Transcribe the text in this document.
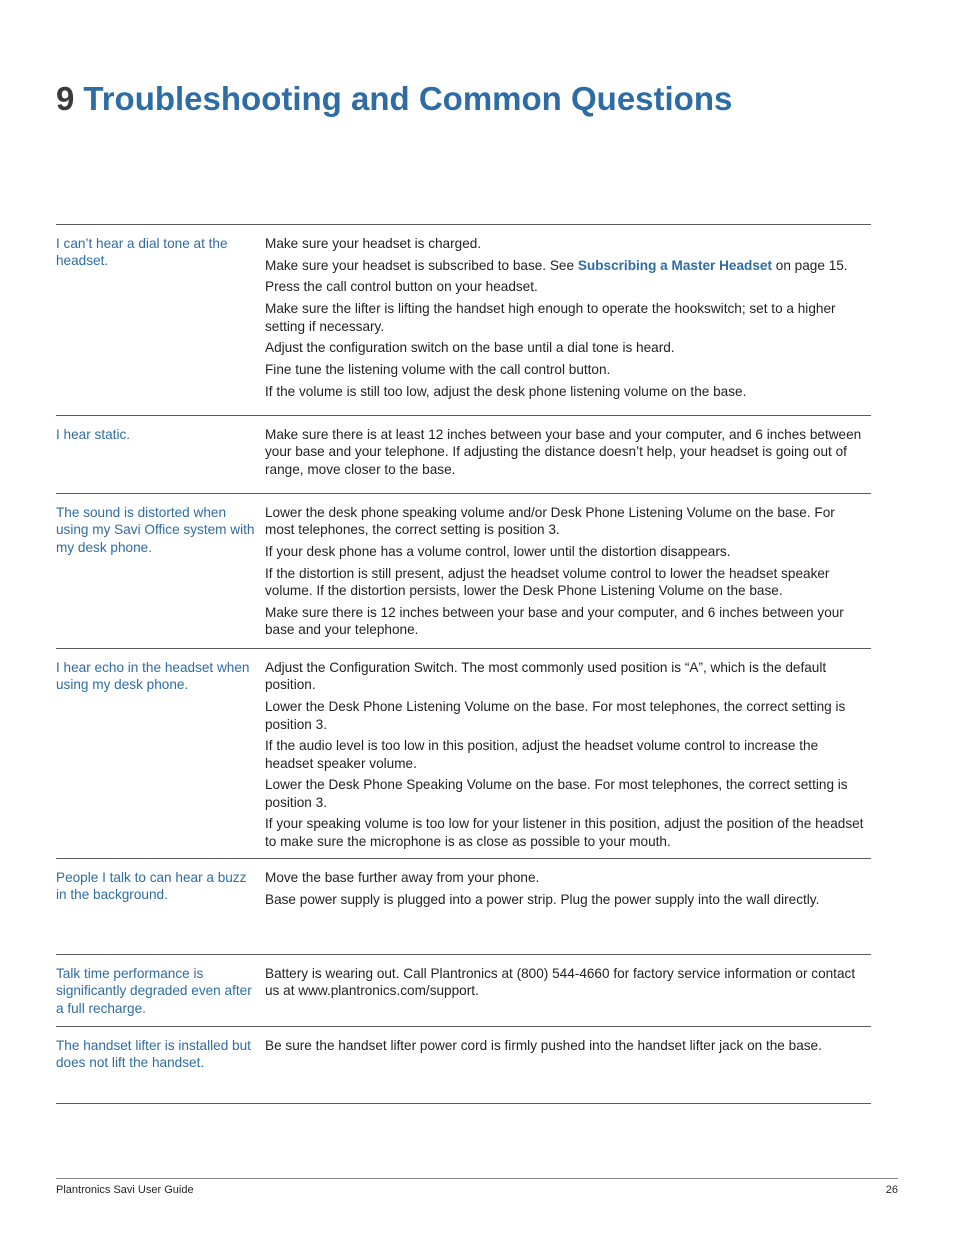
9 Troubleshooting and Common Questions
I can’t hear a dial tone at the headset.

Make sure your headset is charged.

Make sure your headset is subscribed to base. See Subscribing a Master Headset on page 15.

Press the call control button on your headset.

Make sure the lifter is lifting the handset high enough to operate the hookswitch; set to a higher setting if necessary.

Adjust the configuration switch on the base until a dial tone is heard.

Fine tune the listening volume with the call control button.

If the volume is still too low, adjust the desk phone listening volume on the base.

I hear static.	Make sure there is at least 12 inches between your base and your computer, and 6 inches between your base and your telephone. If adjusting the distance doesn’t help, your headset is going out of range, move closer to the base.

The sound is distorted when using my Savi Office system with my desk phone.

Lower the desk phone speaking volume and/or Desk Phone Listening Volume on the base. For most telephones, the correct setting is position 3.

If your desk phone has a volume control, lower until the distortion disappears.

If the distortion is still present, adjust the headset volume control to lower the headset speaker volume. If the distortion persists, lower the Desk Phone Listening Volume on the base.

Make sure there is 12 inches between your base and your computer, and 6 inches between your base and your telephone.

I hear echo in the headset when using my desk phone.

Adjust the Configuration Switch. The most commonly used position is “A”, which is the default position.

Lower the Desk Phone Listening Volume on the base. For most telephones, the correct setting is position 3.

If the audio level is too low in this position, adjust the headset volume control to increase the headset speaker volume.

Lower the Desk Phone Speaking Volume on the base. For most telephones, the correct setting is position 3.

If your speaking volume is too low for your listener in this position, adjust the position of the headset to make sure the microphone is as close as possible to your mouth.

People I talk to can hear a buzz in the background.

Move the base further away from your phone.

Base power supply is plugged into a power strip. Plug the power supply into the wall directly.

Talk time performance is significantly degraded even after a full recharge.

Battery is wearing out. Call Plantronics at (800) 544-4660 for factory service information or contact us at www.plantronics.com/support.

The handset lifter is installed but does not lift the handset.

Be sure the handset lifter power cord is firmly pushed into the handset lifter jack on the base.

Plantronics Savi User Guide	26
